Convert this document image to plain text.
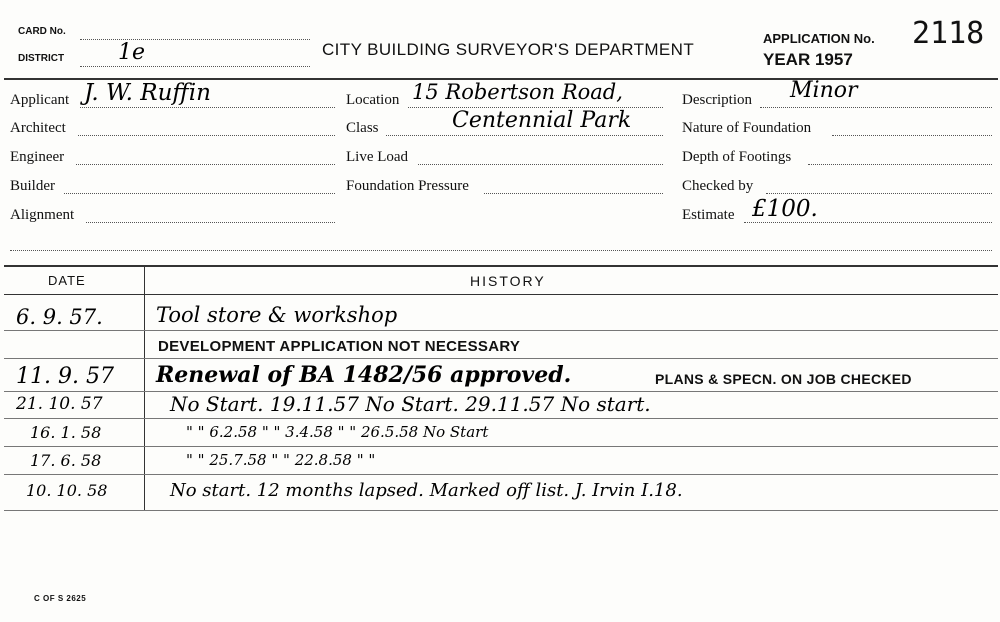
CARD No.
DISTRICT 1e	CITY BUILDING SURVEYOR'S DEPARTMENT
APPLICATION No. 2118
YEAR 1957
Applicant J. W. Ruffin
Architect
Engineer
Builder
Alignment
Location 15 Robertson Road,
Class	Centennial Park
Live Load
Foundation Pressure
Description Minor
Nature of Foundation
Depth of Footings
Checked by
Estimate £100.
DATE	HISTORY
6. 9. 57.	Tool store & workshop
DEVELOPMENT APPLICATION NOT NECESSARY
11. 9. 57 Renewal of BA 1482/56 approved.	PLANS & SPECN. ON JOB CHECKED
21. 10. 57	No Start. 19.11.57 No Start. 29.11.57 No start.
16. 1. 58	" " 6.2.58 " " 3.4.58 " " 26.5.58 No Start
17. 6. 58	" " 25.7.58 " " 22.8.58 " "
10. 10. 58	No start. 12 months lapsed. Marked off list. J. Irvin I.18.
C OF S 2625
